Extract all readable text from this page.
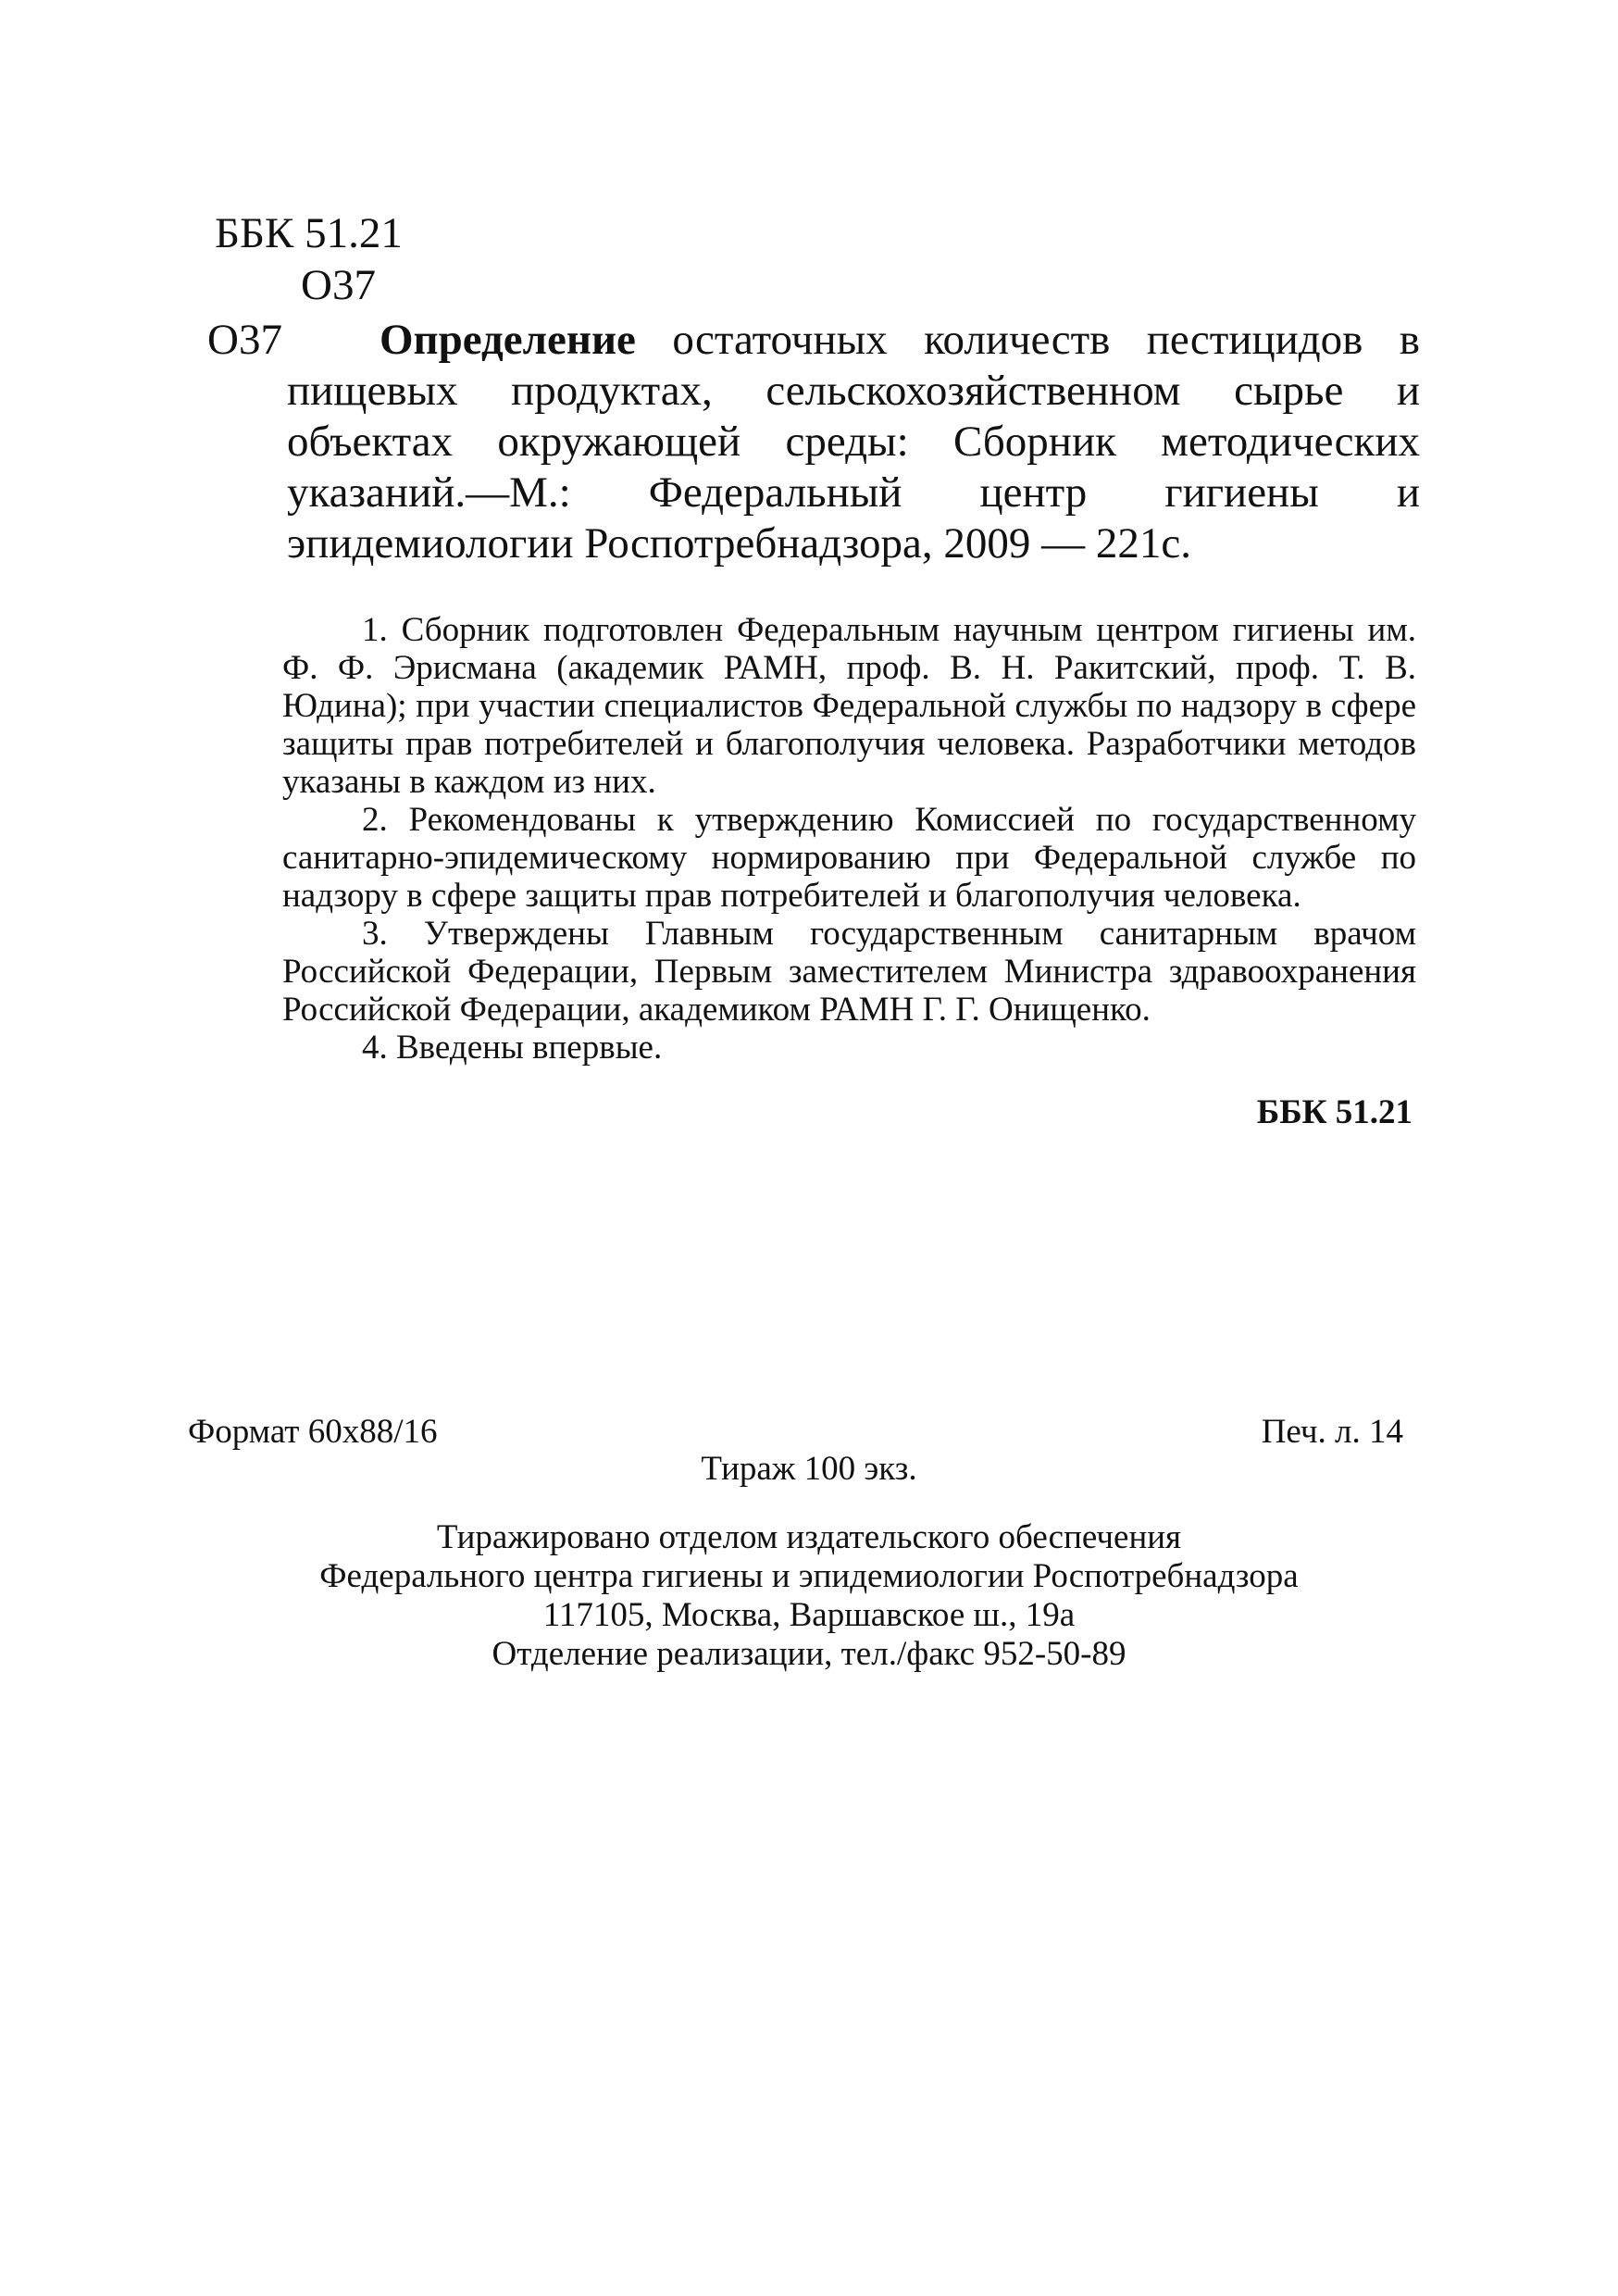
ББК 51.21
О37
О37	Определение остаточных количеств пестицидов в пищевых продуктах, сельскохозяйственном сырье и объектах окружающей среды: Сборник методических указаний.—М.: Федеральный центр гигиены и эпидемиологии Роспотребнадзора, 2009 — 221с.

1. Сборник подготовлен Федеральным научным центром гигиены им. Ф. Ф. Эрисмана (академик РАМН, проф. В. Н. Ракитский, проф. Т. В. Юдина); при участии специалистов Федеральной службы по надзору в сфере защиты прав потребителей и благополучия человека. Разработчики методов указаны в каждом из них.

2. Рекомендованы к утверждению Комиссией по государственному санитарно-эпидемическому нормированию при Федеральной службе по надзору в сфере защиты прав потребителей и благополучия человека.

3. Утверждены Главным государственным санитарным врачом Российской Федерации, Первым заместителем Министра здравоохранения Российской Федерации, академиком РАМН Г. Г. Онищенко.

4. Введены впервые.

ББК 51.21
Формат 60х88/16	Печ. л. 14
Тираж 100 экз.
Тиражировано отделом издательского обеспечения
Федерального центра гигиены и эпидемиологии Роспотребнадзора
117105, Москва, Варшавское ш., 19а
Отделение реализации, тел./факс 952-50-89
